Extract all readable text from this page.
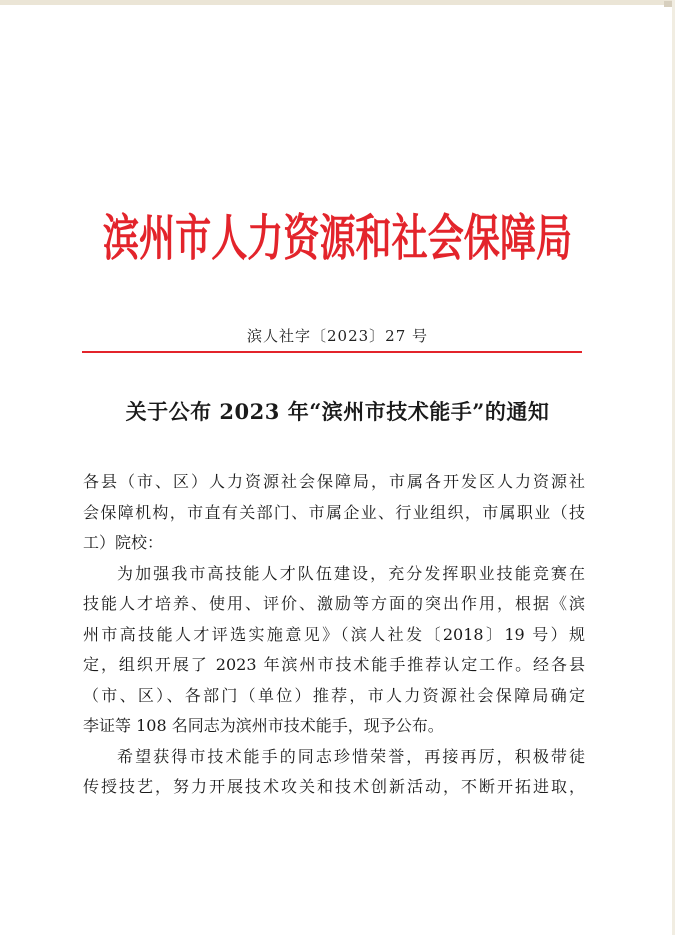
滨州市人力资源和社会保障局
滨人社字〔2023〕27 号
关于公布 2023 年“滨州市技术能手”的通知
各县（市、区）人力资源社会保障局，市属各开发区人力资源社
会保障机构，市直有关部门、市属企业、行业组织，市属职业（技
工）院校：
为加强我市高技能人才队伍建设，充分发挥职业技能竞赛在
技能人才培养、使用、评价、激励等方面的突出作用，根据《滨
州市高技能人才评选实施意见》（滨人社发〔2018〕19 号）规
定，组织开展了 2023 年滨州市技术能手推荐认定工作。经各县
（市、区）、各部门（单位）推荐，市人力资源社会保障局确定
李证等 108 名同志为滨州市技术能手，现予公布。
希望获得市技术能手的同志珍惜荣誉，再接再厉，积极带徒
传授技艺，努力开展技术攻关和技术创新活动，不断开拓进取，
